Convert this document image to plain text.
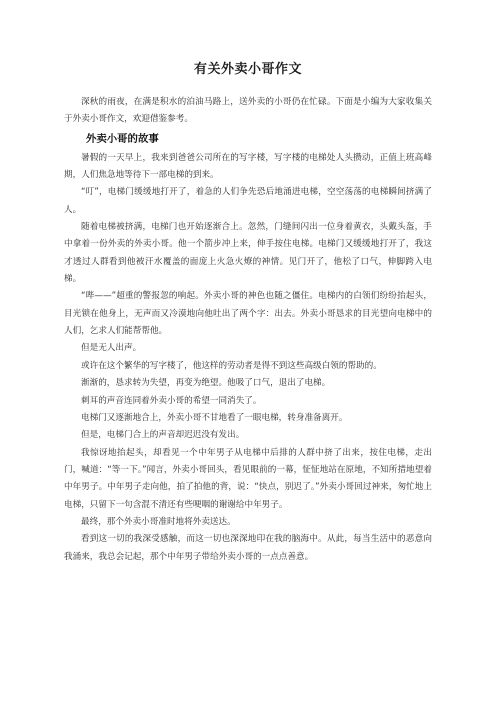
有关外卖小哥作文

深秋的雨夜，在满是积水的泊油马路上，送外卖的小哥仍在忙碌。下面是小编为大家收集关于外卖小哥作文，欢迎借鉴参考。

外卖小哥的故事

暑假的一天早上，我来到爸爸公司所在的写字楼，写字楼的电梯处人头攒动，正值上班高峰期，人们焦急地等待下一部电梯的到来。

“叮”，电梯门缓缓地打开了，着急的人们争先恐后地涌进电梯，空空荡荡的电梯瞬间挤满了人。

随着电梯被挤满，电梯门也开始逐渐合上。忽然，门缝间闪出一位身着黄衣，头戴头盔，手中拿着一份外卖的外卖小哥。他一个箭步冲上来，伸手按住电梯。电梯门又缓缓地打开了，我这才透过人群看到他被汗水覆盖的面庞上火急火燎的神情。见门开了，他松了口气，伸脚跨入电梯。

“哔——”超重的警报忽的响起。外卖小哥的神色也随之僵住。电梯内的白领们纷纷抬起头，目光锁在他身上，无声而又冷漠地向他吐出了两个字：出去。外卖小哥恳求的目光望向电梯中的人们，乞求人们能帮帮他。

但是无人出声。

或许在这个繁华的写字楼了，他这样的劳动者是得不到这些高级白领的帮助的。

渐渐的，恳求转为失望，再变为绝望。他吸了口气，退出了电梯。

刺耳的声音连同着外卖小哥的希望一同消失了。

电梯门又逐渐地合上，外卖小哥不甘地看了一眼电梯，转身准备离开。

但是，电梯门合上的声音却迟迟没有发出。

我惊讶地抬起头，却看见一个中年男子从电梯中后排的人群中挤了出来，按住电梯，走出门，喊道：“等一下。”闻言，外卖小哥回头，看见眼前的一幕，怔怔地站在原地，不知所措地望着中年男子。中年男子走向他，拍了拍他的背，说：“快点，别迟了。”外卖小哥回过神来，匆忙地上电梯，只留下一句含混不清还有些哽咽的谢谢给中年男子。

最终，那个外卖小哥准时地将外卖送达。

看到这一切的我深受感触，而这一切也深深地印在我的脑海中。从此，每当生活中的恶意向我涌来，我总会记起，那个中年男子带给外卖小哥的一点点善意。
